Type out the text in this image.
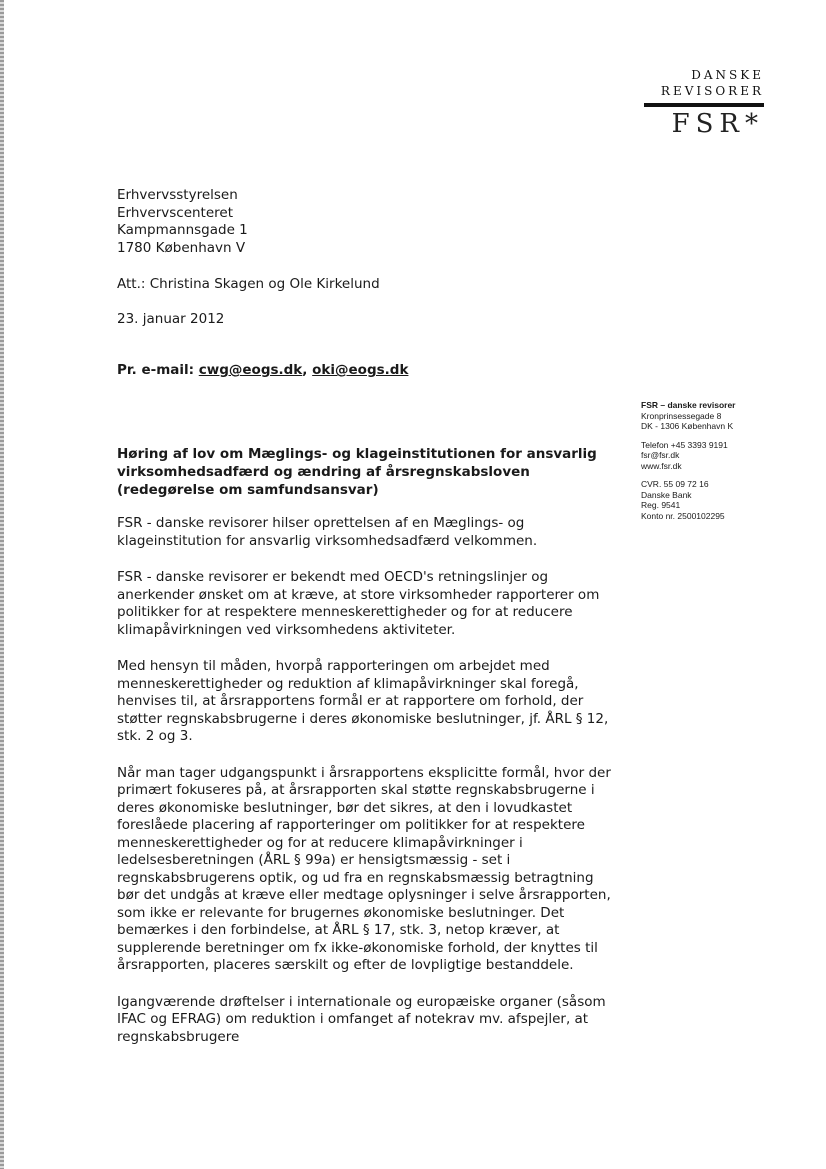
DANSKE
REVISORER
FSR*
Erhvervsstyrelsen
Erhvervscenteret
Kampmannsgade 1
1780 København V
Att.: Christina Skagen og Ole Kirkelund
23. januar 2012
Pr. e-mail: cwg@eogs.dk, oki@eogs.dk
FSR – danske revisorer
Kronprinsessegade 8
DK - 1306 København K
Telefon +45 3393 9191
fsr@fsr.dk
www.fsr.dk
CVR. 55 09 72 16
Danske Bank
Reg. 9541
Konto nr. 2500102295
Høring af lov om Mæglings- og klageinstitutionen for ansvarlig virksomhedsadfærd og ændring af årsregnskabsloven (redegørelse om samfundsansvar)

FSR - danske revisorer hilser oprettelsen af en Mæglings- og klageinstitution for ansvarlig virksomhedsadfærd velkommen.

FSR - danske revisorer er bekendt med OECD's retningslinjer og anerkender ønsket om at kræve, at store virksomheder rapporterer om politikker for at respektere menneskerettigheder og for at reducere klimapåvirkningen ved virksomhedens aktiviteter.

Med hensyn til måden, hvorpå rapporteringen om arbejdet med menneskerettigheder og reduktion af klimapåvirkninger skal foregå, henvises til, at årsrapportens formål er at rapportere om forhold, der støtter regnskabsbrugerne i deres økonomiske beslutninger, jf. ÅRL § 12, stk. 2 og 3.

Når man tager udgangspunkt i årsrapportens eksplicitte formål, hvor der primært fokuseres på, at årsrapporten skal støtte regnskabsbrugerne i deres økonomiske beslutninger, bør det sikres, at den i lovudkastet foreslåede placering af rapporteringer om politikker for at respektere menneskerettigheder og for at reducere klimapåvirkninger i ledelsesberetningen (ÅRL § 99a) er hensigtsmæssig - set i regnskabsbrugerens optik, og ud fra en regnskabsmæssig betragtning bør det undgås at kræve eller medtage oplysninger i selve årsrapporten, som ikke er relevante for brugernes økonomiske beslutninger. Det bemærkes i den forbindelse, at ÅRL § 17, stk. 3, netop kræver, at supplerende beretninger om fx ikke-økonomiske forhold, der knyttes til årsrapporten, placeres særskilt og efter de lovpligtige bestanddele.

Igangværende drøftelser i internationale og europæiske organer (såsom IFAC og EFRAG) om reduktion i omfanget af notekrav mv. afspejler, at regnskabsbrugere
